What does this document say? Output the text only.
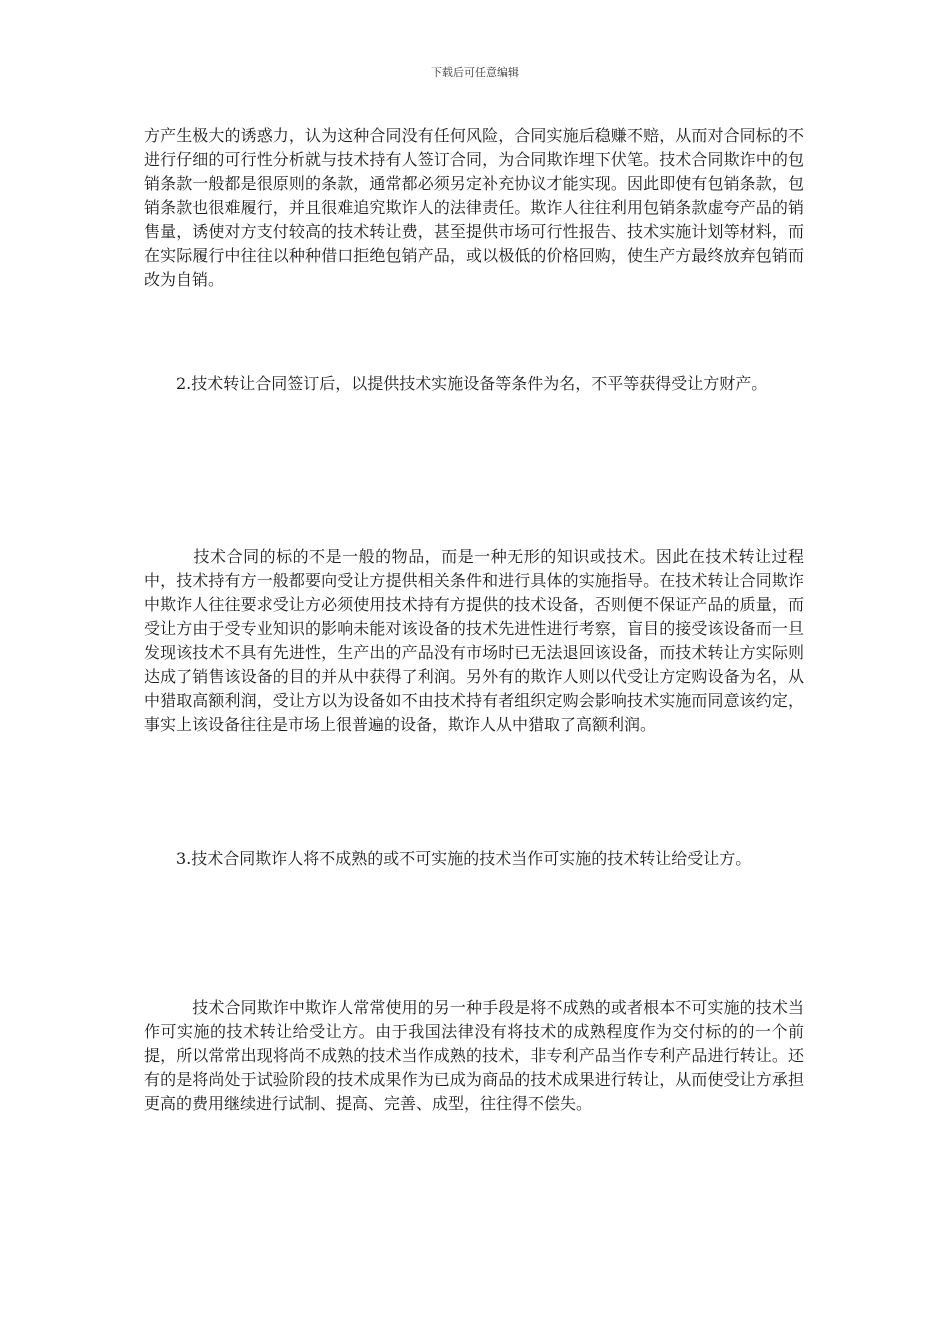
下载后可任意编辑

方产生极大的诱惑力，认为这种合同没有任何风险，合同实施后稳赚不赔，从而对合同标的不进行仔细的可行性分析就与技术持有人签订合同，为合同欺诈埋下伏笔。技术合同欺诈中的包销条款一般都是很原则的条款，通常都必须另定补充协议才能实现。因此即使有包销条款，包销条款也很难履行，并且很难追究欺诈人的法律责任。欺诈人往往利用包销条款虚夸产品的销售量，诱使对方支付较高的技术转让费，甚至提供市场可行性报告、技术实施计划等材料，而在实际履行中往往以种种借口拒绝包销产品，或以极低的价格回购，使生产方最终放弃包销而改为自销。

　　2.技术转让合同签订后，以提供技术实施设备等条件为名，不平等获得受让方财产。

　　　技术合同的标的不是一般的物品，而是一种无形的知识或技术。因此在技术转让过程中，技术持有方一般都要向受让方提供相关条件和进行具体的实施指导。在技术转让合同欺诈中欺诈人往往要求受让方必须使用技术持有方提供的技术设备，否则便不保证产品的质量，而受让方由于受专业知识的影响未能对该设备的技术先进性进行考察，盲目的接受该设备而一旦发现该技术不具有先进性，生产出的产品没有市场时已无法退回该设备，而技术转让方实际则达成了销售该设备的目的并从中获得了利润。另外有的欺诈人则以代受让方定购设备为名，从中猎取高额利润，受让方以为设备如不由技术持有者组织定购会影响技术实施而同意该约定，事实上该设备往往是市场上很普遍的设备，欺诈人从中猎取了高额利润。

　　3.技术合同欺诈人将不成熟的或不可实施的技术当作可实施的技术转让给受让方。

　　　技术合同欺诈中欺诈人常常使用的另一种手段是将不成熟的或者根本不可实施的技术当作可实施的技术转让给受让方。由于我国法律没有将技术的成熟程度作为交付标的的一个前提，所以常常出现将尚不成熟的技术当作成熟的技术，非专利产品当作专利产品进行转让。还有的是将尚处于试验阶段的技术成果作为已成为商品的技术成果进行转让，从而使受让方承担更高的费用继续进行试制、提高、完善、成型，往往得不偿失。
